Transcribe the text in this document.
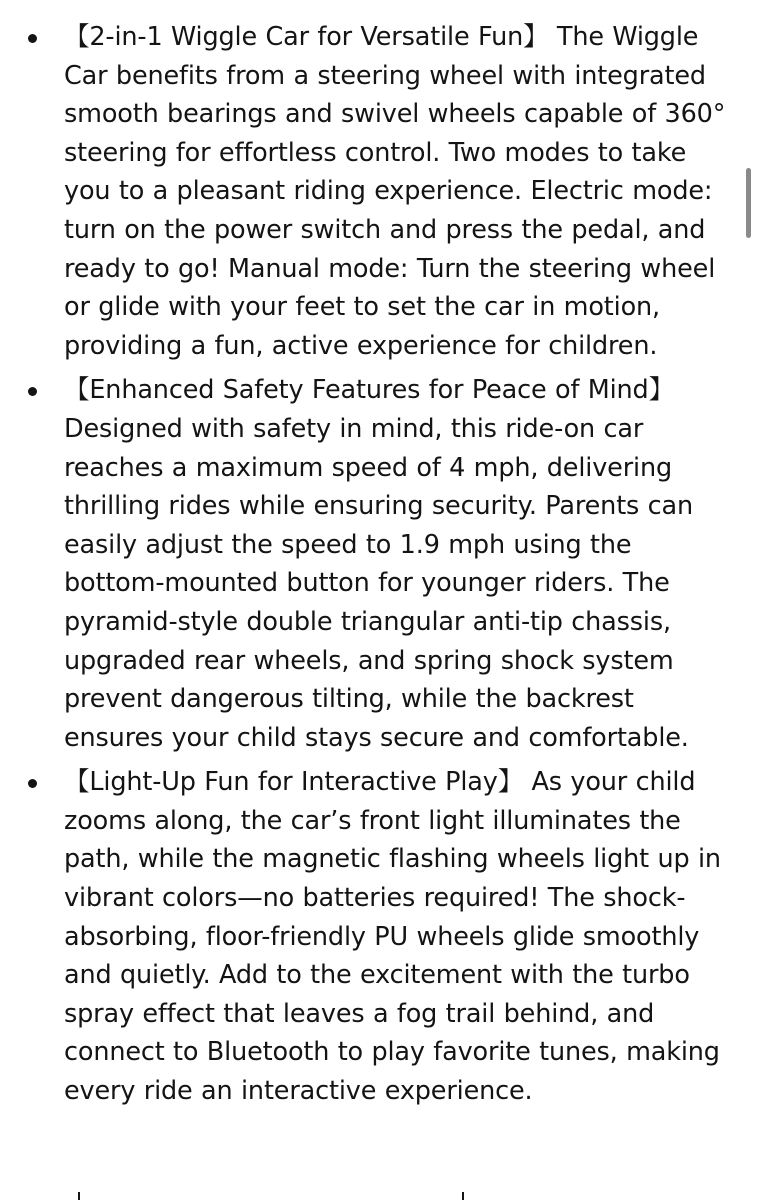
【2-in-1 Wiggle Car for Versatile Fun】 The Wiggle Car benefits from a steering wheel with integrated smooth bearings and swivel wheels capable of 360° steering for effortless control. Two modes to take you to a pleasant riding experience. Electric mode: turn on the power switch and press the pedal, and ready to go! Manual mode: Turn the steering wheel or glide with your feet to set the car in motion, providing a fun, active experience for children.
【Enhanced Safety Features for Peace of Mind】 Designed with safety in mind, this ride-on car reaches a maximum speed of 4 mph, delivering thrilling rides while ensuring security. Parents can easily adjust the speed to 1.9 mph using the bottom-mounted button for younger riders. The pyramid-style double triangular anti-tip chassis, upgraded rear wheels, and spring shock system prevent dangerous tilting, while the backrest ensures your child stays secure and comfortable.
【Light-Up Fun for Interactive Play】 As your child zooms along, the car’s front light illuminates the path, while the magnetic flashing wheels light up in vibrant colors—no batteries required! The shock-absorbing, floor-friendly PU wheels glide smoothly and quietly. Add to the excitement with the turbo spray effect that leaves a fog trail behind, and connect to Bluetooth to play favorite tunes, making every ride an interactive experience.
